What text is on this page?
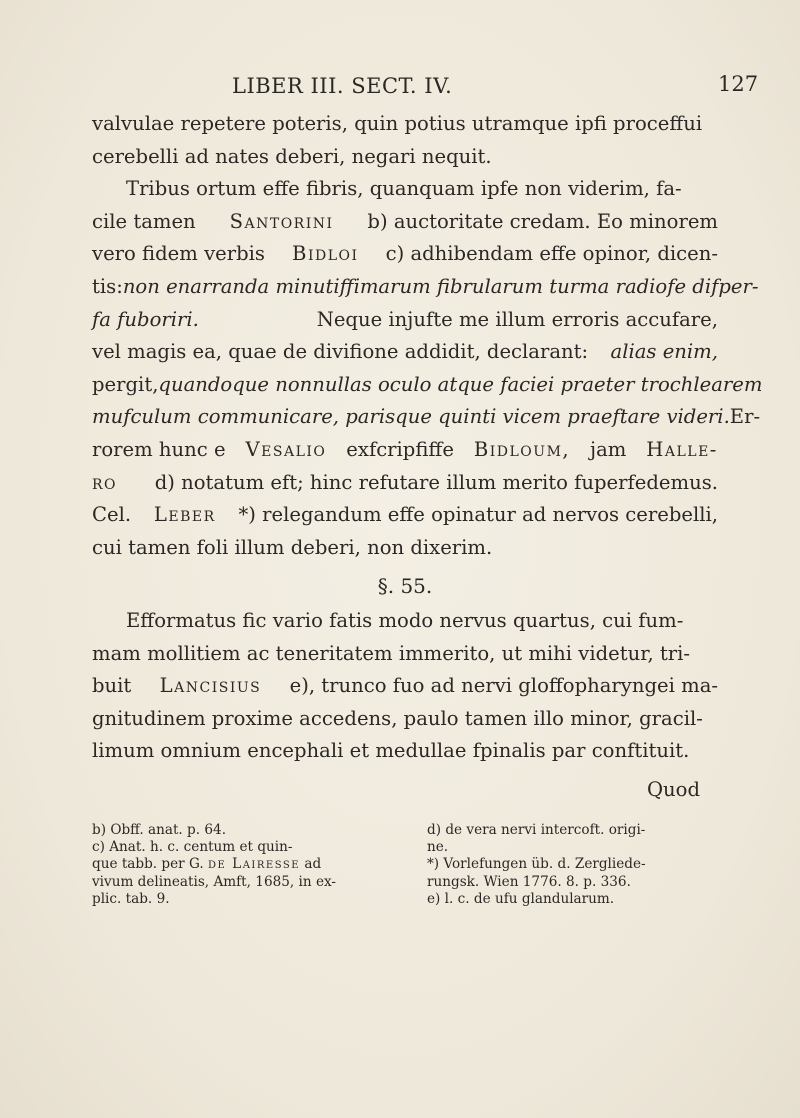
LIBER III. SECT. IV.	127
valvulae repetere poteris, quin potius utramque ipfi proceffui
cerebelli ad nates deberi, negari nequit.
Tribus ortum effe fibris, quanquam ipfe non viderim, fa-
cile tamen Santorini b) auctoritate credam. Eo minorem
vero fidem verbis Bidloi c) adhibendam effe opinor, dicen-
tis: non enarranda minutiffimarum fibrularum turma radiofe difper-
fa fuboriri.	Neque injufte me illum erroris accufare,
vel magis ea, quae de divifione addidit, declarant: alias enim,
pergit, quandoque nonnullas oculo atque faciei praeter trochlearem
mufculum communicare, parisque quinti vicem praeftare videri. Er-
rorem hunc e Vesalio exfcripfiffe Bidloum, jam Halle-
ro d) notatum eft; hinc refutare illum merito fuperfedemus.
Cel. Leber *) relegandum effe opinatur ad nervos cerebelli,
cui tamen foli illum deberi, non dixerim.
§. 55.
Efformatus fic vario fatis modo nervus quartus, cui fum-
mam mollitiem ac teneritatem immerito, ut mihi videtur, tri-
buit Lancisius e), trunco fuo ad nervi gloffopharyngei ma-
gnitudinem proxime accedens, paulo tamen illo minor, gracil-
limum omnium encephali et medullae fpinalis par conftituit.
Quod
b) Obff. anat. p. 64.
c) Anat. h. c. centum et quin-
que tabb. per G. de Lairesse ad
vivum delineatis, Amft, 1685, in ex-
plic. tab. 9.
d) de vera nervi intercoft. origi-
ne.
*) Vorlefungen üb. d. Zergliede-
rungsk. Wien 1776. 8. p. 336.
e) l. c. de ufu glandularum.
